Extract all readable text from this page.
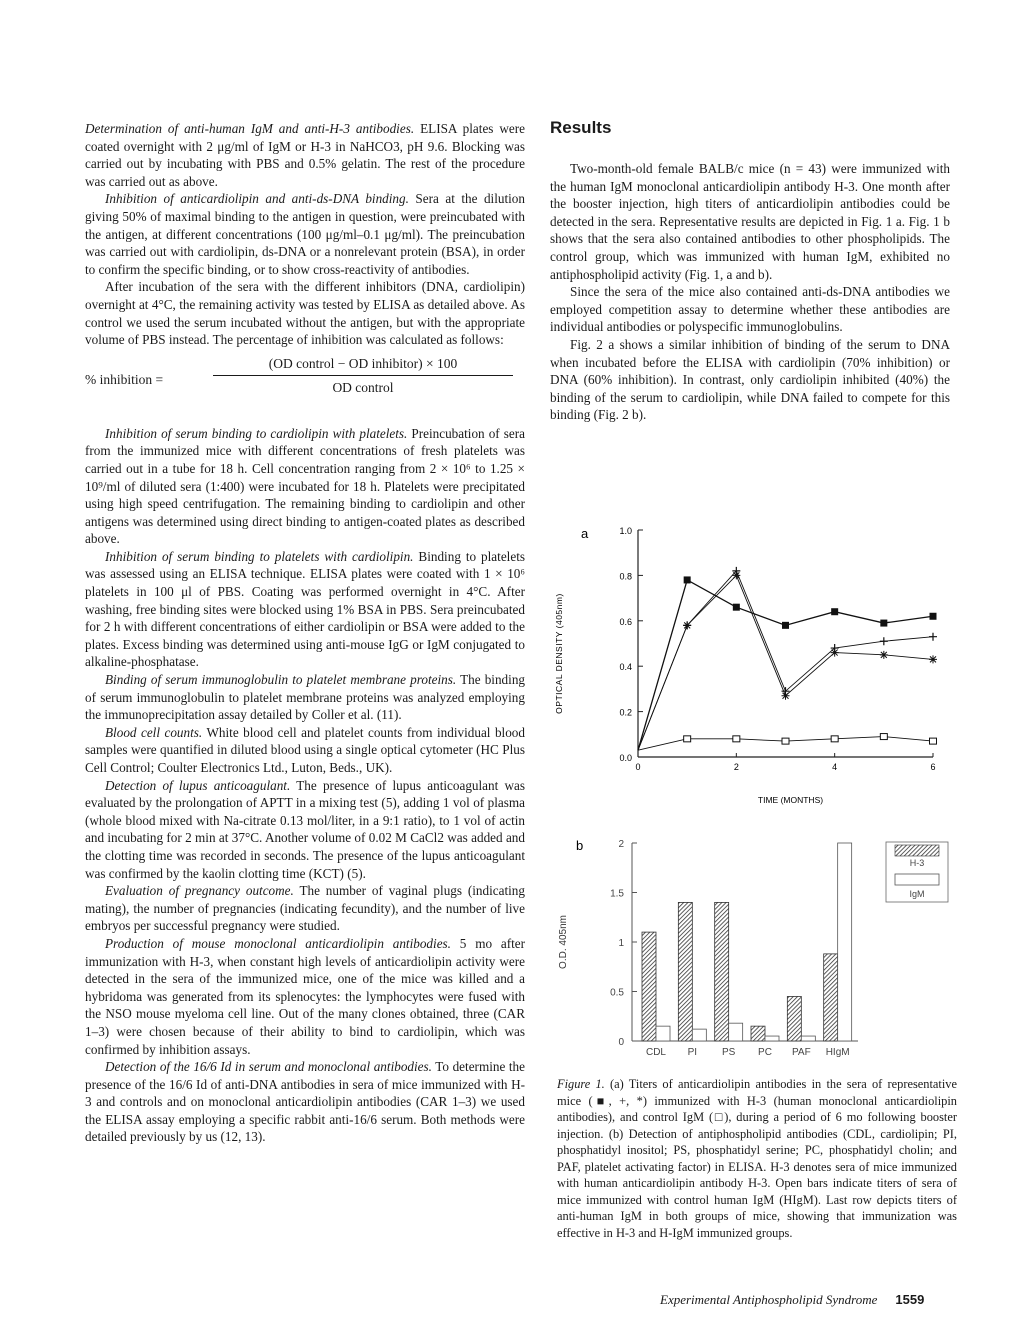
Determination of anti-human IgM and anti-H-3 antibodies. ELISA plates were coated overnight with 2 μg/ml of IgM or H-3 in NaHCO3, pH 9.6. Blocking was carried out by incubating with PBS and 0.5% gelatin. The rest of the procedure was carried out as above.

Inhibition of anticardiolipin and anti-ds-DNA binding. Sera at the dilution giving 50% of maximal binding to the antigen in question, were preincubated with the antigen, at different concentrations (100 μg/ml–0.1 μg/ml). The preincubation was carried out with cardiolipin, ds-DNA or a nonrelevant protein (BSA), in order to confirm the specific binding, or to show cross-reactivity of antibodies.

After incubation of the sera with the different inhibitors (DNA, cardiolipin) overnight at 4°C, the remaining activity was tested by ELISA as detailed above. As control we used the serum incubated without the antigen, but with the appropriate volume of PBS instead. The percentage of inhibition was calculated as follows:

% inhibition =
(OD control − OD inhibitor) × 100
OD control

Inhibition of serum binding to cardiolipin with platelets. Preincubation of sera from the immunized mice with different concentrations of fresh platelets was carried out in a tube for 18 h. Cell concentration ranging from 2 × 10⁶ to 1.25 × 10⁹/ml of diluted sera (1:400) were incubated for 18 h. Platelets were precipitated using high speed centrifugation. The remaining binding to cardiolipin and other antigens was determined using direct binding to antigen-coated plates as described above.

Inhibition of serum binding to platelets with cardiolipin. Binding to platelets was assessed using an ELISA technique. ELISA plates were coated with 1 × 10⁶ platelets in 100 μl of PBS. Coating was performed overnight in 4°C. After washing, free binding sites were blocked using 1% BSA in PBS. Sera preincubated for 2 h with different concentrations of either cardiolipin or BSA were added to the plates. Excess binding was determined using anti-mouse IgG or IgM conjugated to alkaline-phosphatase.

Binding of serum immunoglobulin to platelet membrane proteins. The binding of serum immunoglobulin to platelet membrane proteins was analyzed employing the immunoprecipitation assay detailed by Coller et al. (11).

Blood cell counts. White blood cell and platelet counts from individual blood samples were quantified in diluted blood using a single optical cytometer (HC Plus Cell Control; Coulter Electronics Ltd., Luton, Beds., UK).

Detection of lupus anticoagulant. The presence of lupus anticoagulant was evaluated by the prolongation of APTT in a mixing test (5), adding 1 vol of plasma (whole blood mixed with Na-citrate 0.13 mol/liter, in a 9:1 ratio), to 1 vol of actin and incubating for 2 min at 37°C. Another volume of 0.02 M CaCl2 was added and the clotting time was recorded in seconds. The presence of the lupus anticoagulant was confirmed by the kaolin clotting time (KCT) (5).

Evaluation of pregnancy outcome. The number of vaginal plugs (indicating mating), the number of pregnancies (indicating fecundity), and the number of live embryos per successful pregnancy were studied.

Production of mouse monoclonal anticardiolipin antibodies. 5 mo after immunization with H-3, when constant high levels of anticardiolipin activity were detected in the sera of the immunized mice, one of the mice was killed and a hybridoma was generated from its splenocytes: the lymphocytes were fused with the NSO mouse myeloma cell line. Out of the many clones obtained, three (CAR 1–3) were chosen because of their ability to bind to cardiolipin, which was confirmed by inhibition assays.

Detection of the 16/6 Id in serum and monoclonal antibodies. To determine the presence of the 16/6 Id of anti-DNA antibodies in sera of mice immunized with H-3 and controls and on monoclonal anticardiolipin antibodies (CAR 1–3) we used the ELISA assay employing a specific rabbit anti-16/6 serum. Both methods were detailed previously by us (12, 13).

Results

Two-month-old female BALB/c mice (n = 43) were immunized with the human IgM monoclonal anticardiolipin antibody H-3. One month after the booster injection, high titers of anticardiolipin antibodies could be detected in the sera. Representative results are depicted in Fig. 1 a. Fig. 1 b shows that the sera also contained antibodies to other phospholipids. The control group, which was immunized with human IgM, exhibited no antiphospholipid activity (Fig. 1, a and b).

Since the sera of the mice also contained anti-ds-DNA antibodies we employed competition assay to determine whether these antibodies are individual antibodies or polyspecific immunoglobulins.

Fig. 2 a shows a similar inhibition of binding of the serum to DNA when incubated before the ELISA with cardiolipin (70% inhibition) or DNA (60% inhibition). In contrast, only cardiolipin inhibited (40%) the binding of the serum to cardiolipin, while DNA failed to compete for this binding (Fig. 2 b).

a
0.0
0.2
0.4
0.6
0.8
1.0
0	2	4	6
TIME (MONTHS)
OPTICAL DENSITY (405nm)
b
0
0.5
1
1.5
2
O.D. 405nm
CDL PI PS PC PAF HIgM
H-3
IgM
Figure 1. (a) Titers of anticardiolipin antibodies in the sera of representative mice (■, +, *) immunized with H-3 (human monoclonal anticardiolipin antibodies), and control IgM (□), during a period of 6 mo following booster injection. (b) Detection of antiphospholipid antibodies (CDL, cardiolipin; PI, phosphatidyl inositol; PS, phosphatidyl serine; PC, phosphatidyl cholin; and PAF, platelet activating factor) in ELISA. H-3 denotes sera of mice immunized with human anticardiolipin antibody H-3. Open bars indicate titers of sera of mice immunized with control human IgM (HIgM). Last row depicts titers of anti-human IgM in both groups of mice, showing that immunization was effective in H-3 and H-IgM immunized groups.
Experimental Antiphospholipid Syndrome 1559
